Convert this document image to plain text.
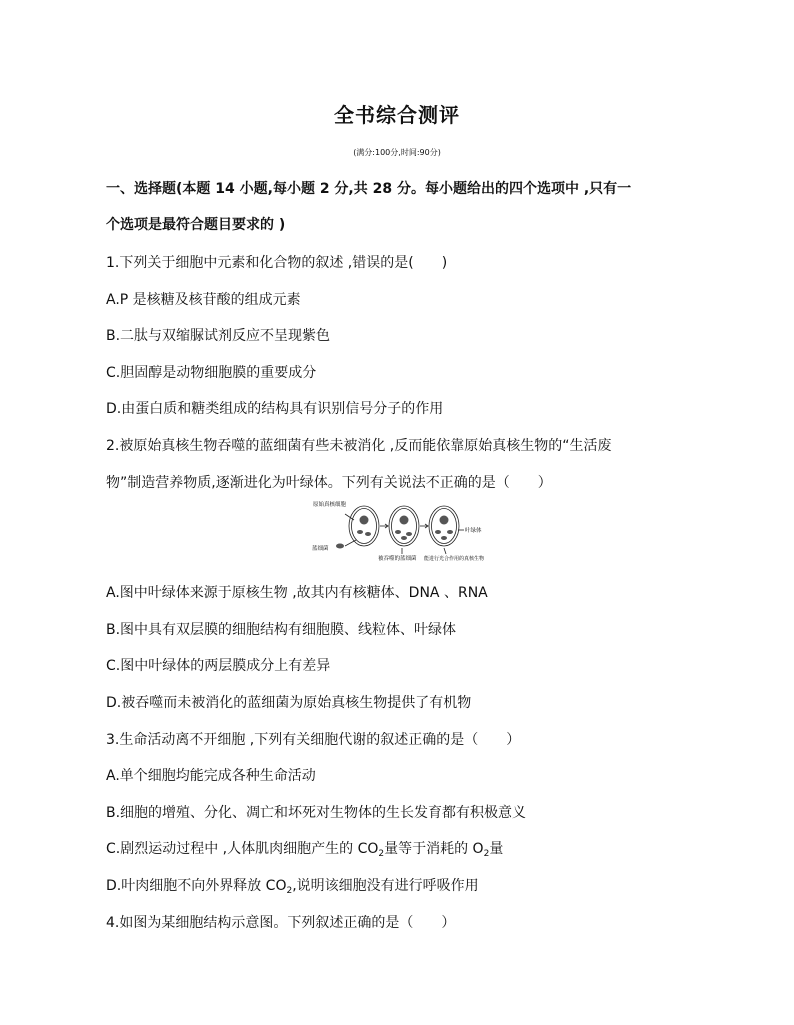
全书综合测评
(满分:100分,时间:90分)
一、选择题(本题 14 小题,每小题 2 分,共 28 分。每小题给出的四个选项中 ,只有一
个选项是最符合题目要求的 )
1.下列关于细胞中元素和化合物的叙述 ,错误的是(　　)
A.P 是核糖及核苷酸的组成元素
B.二肽与双缩脲试剂反应不呈现紫色
C.胆固醇是动物细胞膜的重要成分
D.由蛋白质和糖类组成的结构具有识别信号分子的作用
2.被原始真核生物吞噬的蓝细菌有些未被消化 ,反而能依靠原始真核生物的“生活废
物”制造营养物质,逐渐进化为叶绿体。下列有关说法不正确的是（　　）
原始真核细胞
蓝细菌
被吞噬的蓝细菌
叶绿体
能进行光合作用的真核生物
A.图中叶绿体来源于原核生物 ,故其内有核糖体、DNA 、RNA
B.图中具有双层膜的细胞结构有细胞膜、线粒体、叶绿体
C.图中叶绿体的两层膜成分上有差异
D.被吞噬而未被消化的蓝细菌为原始真核生物提供了有机物
3.生命活动离不开细胞 ,下列有关细胞代谢的叙述正确的是（　　）
A.单个细胞均能完成各种生命活动
B.细胞的增殖、分化、凋亡和坏死对生物体的生长发育都有积极意义
C.剧烈运动过程中 ,人体肌肉细胞产生的 $CO_2$量等于消耗的 $O_2$量
D.叶肉细胞不向外界释放 $CO_2$,说明该细胞没有进行呼吸作用
4.如图为某细胞结构示意图。下列叙述正确的是（　　）
